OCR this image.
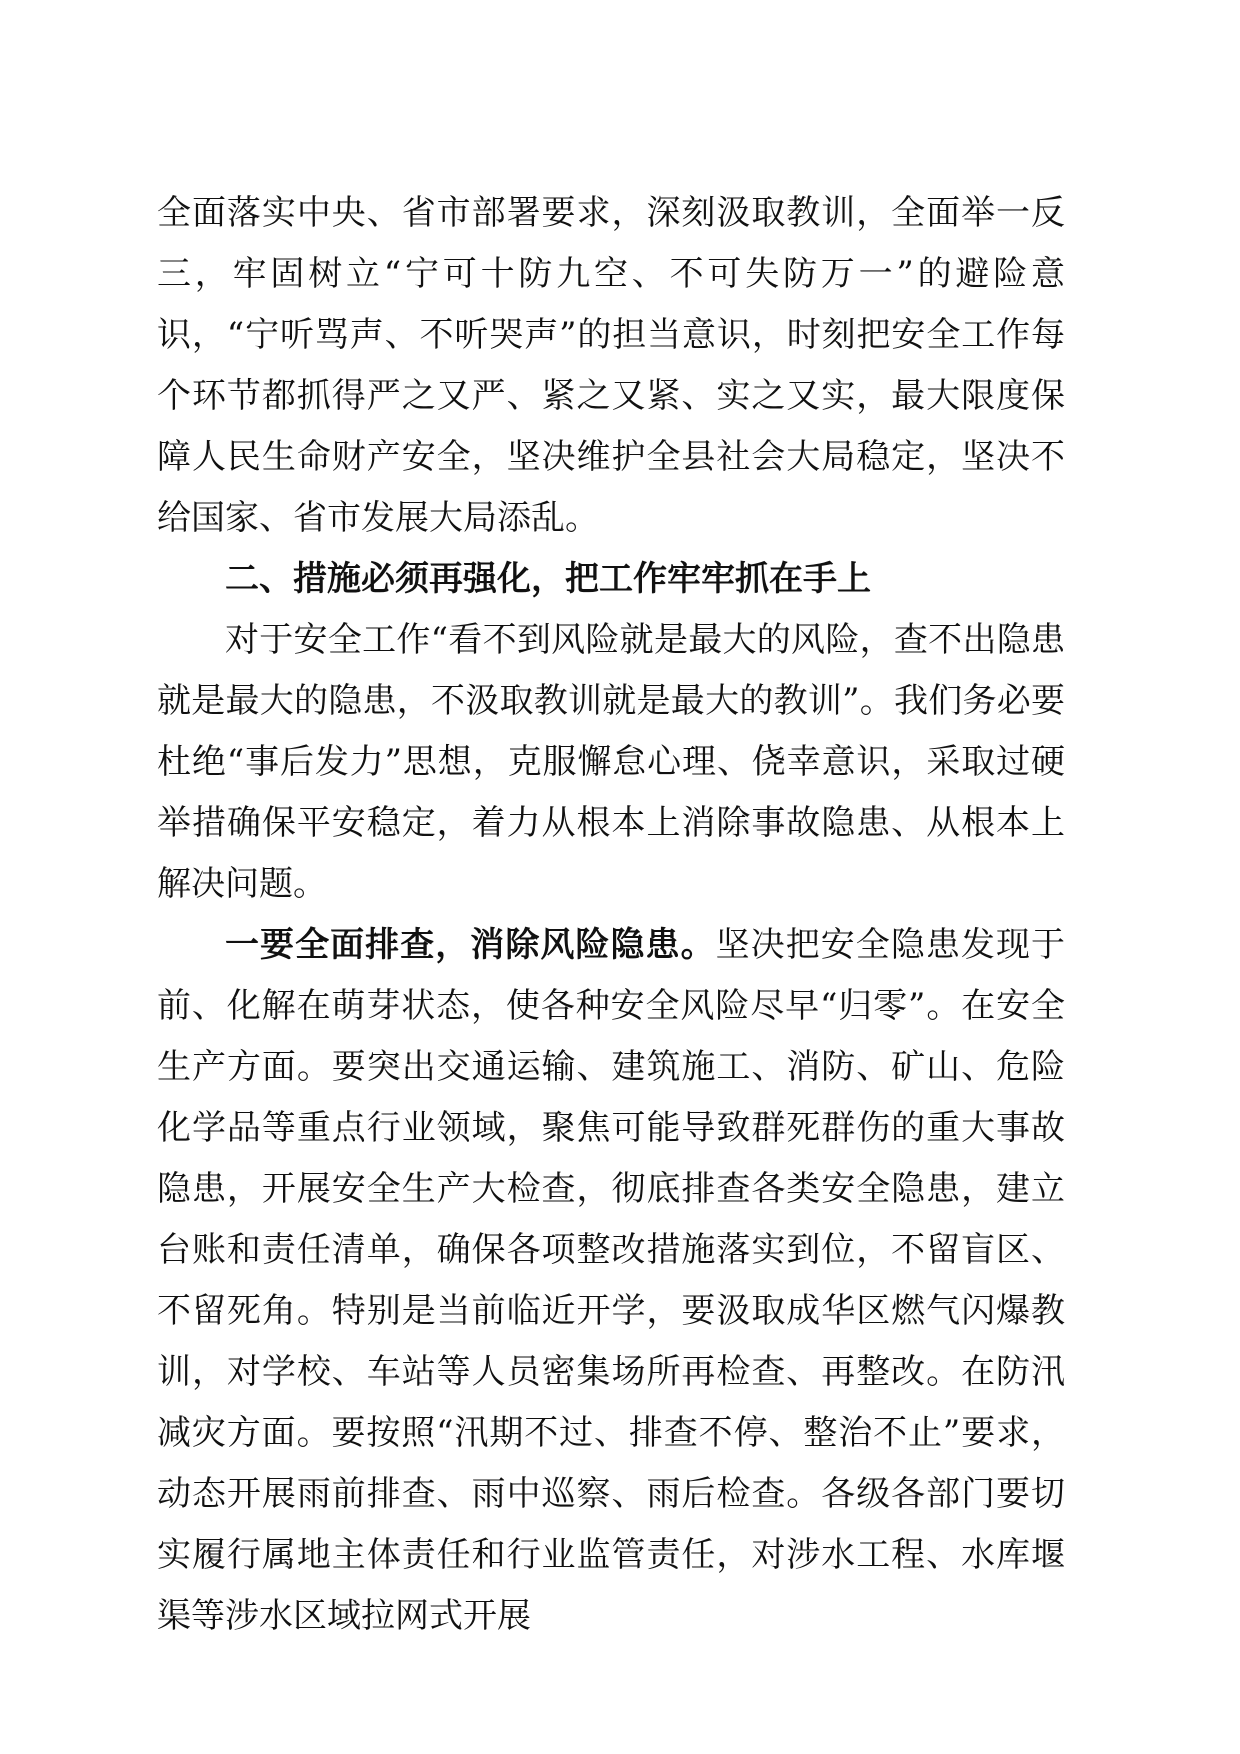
全面落实中央、省市部署要求，深刻汲取教训，全面举一反三，牢固树立“宁可十防九空、不可失防万一”的避险意识，“宁听骂声、不听哭声”的担当意识，时刻把安全工作每个环节都抓得严之又严、紧之又紧、实之又实，最大限度保障人民生命财产安全，坚决维护全县社会大局稳定，坚决不给国家、省市发展大局添乱。

二、措施必须再强化，把工作牢牢抓在手上

对于安全工作“看不到风险就是最大的风险，查不出隐患就是最大的隐患，不汲取教训就是最大的教训”。我们务必要杜绝“事后发力”思想，克服懈怠心理、侥幸意识，采取过硬举措确保平安稳定，着力从根本上消除事故隐患、从根本上解决问题。

一要全面排查，消除风险隐患。坚决把安全隐患发现于前、化解在萌芽状态，使各种安全风险尽早“归零”。在安全生产方面。要突出交通运输、建筑施工、消防、矿山、危险化学品等重点行业领域，聚焦可能导致群死群伤的重大事故隐患，开展安全生产大检查，彻底排查各类安全隐患，建立台账和责任清单，确保各项整改措施落实到位，不留盲区、不留死角。特别是当前临近开学，要汲取成华区燃气闪爆教训，对学校、车站等人员密集场所再检查、再整改。在防汛减灾方面。要按照“汛期不过、排查不停、整治不止”要求，动态开展雨前排查、雨中巡察、雨后检查。各级各部门要切实履行属地主体责任和行业监管责任，对涉水工程、水库堰渠等涉水区域拉网式开展
